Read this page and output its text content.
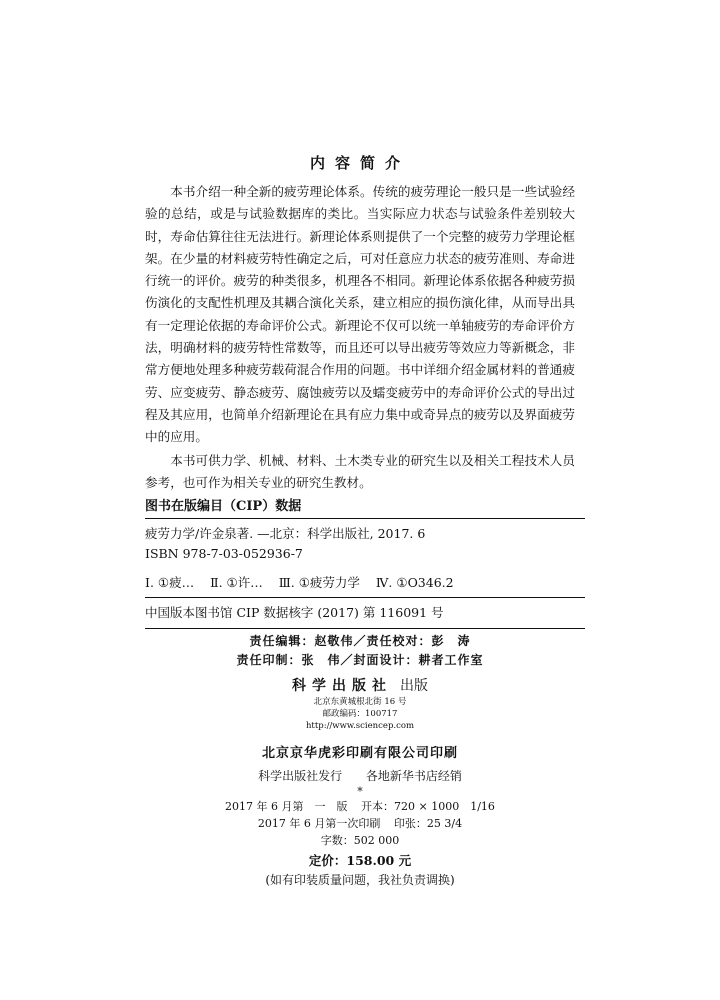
内容简介

本书介绍一种全新的疲劳理论体系。传统的疲劳理论一般只是一些试验经验的总结，或是与试验数据库的类比。当实际应力状态与试验条件差别较大时，寿命估算往往无法进行。新理论体系则提供了一个完整的疲劳力学理论框架。在少量的材料疲劳特性确定之后，可对任意应力状态的疲劳准则、寿命进行统一的评价。疲劳的种类很多，机理各不相同。新理论体系依据各种疲劳损伤演化的支配性机理及其耦合演化关系，建立相应的损伤演化律，从而导出具有一定理论依据的寿命评价公式。新理论不仅可以统一单轴疲劳的寿命评价方法，明确材料的疲劳特性常数等，而且还可以导出疲劳等效应力等新概念，非常方便地处理多种疲劳载荷混合作用的问题。书中详细介绍金属材料的普通疲劳、应变疲劳、静态疲劳、腐蚀疲劳以及蠕变疲劳中的寿命评价公式的导出过程及其应用，也简单介绍新理论在具有应力集中或奇异点的疲劳以及界面疲劳中的应用。

本书可供力学、机械、材料、土木类专业的研究生以及相关工程技术人员参考，也可作为相关专业的研究生教材。

图书在版编目（CIP）数据
疲劳力学/许金泉著. —北京：科学出版社, 2017. 6
ISBN 978-7-03-052936-7
Ⅰ. ①疲… Ⅱ. ①许… Ⅲ. ①疲劳力学 Ⅳ. ①O346.2
中国版本图书馆 CIP 数据核字 (2017) 第 116091 号
责任编辑：赵敬伟／责任校对：彭　涛
责任印制：张　伟／封面设计：耕者工作室
科学出版社 出版
北京东黄城根北街 16 号
邮政编码：100717
http://www.sciencep.com
北京京华虎彩印刷有限公司印刷
科学出版社发行 各地新华书店经销
*
2017 年 6 月第　一　版 开本：720 × 1000　1/16
2017 年 6 月第一次印刷 印张：25 3/4
字数：502 000
定价：158.00 元
(如有印装质量问题，我社负责调换)
